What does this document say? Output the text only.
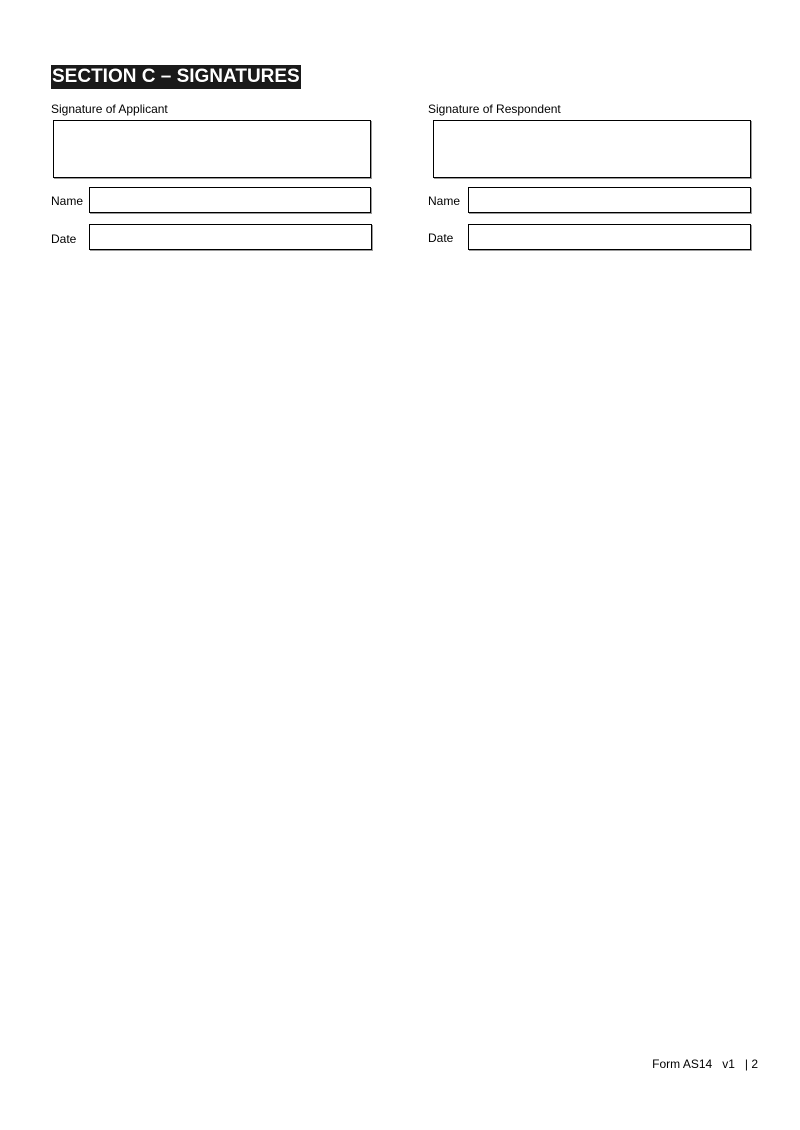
SECTION C – SIGNATURES
Signature of Applicant
Name
Date
Signature of Respondent
Name
Date
Form AS14   v1   | 2
